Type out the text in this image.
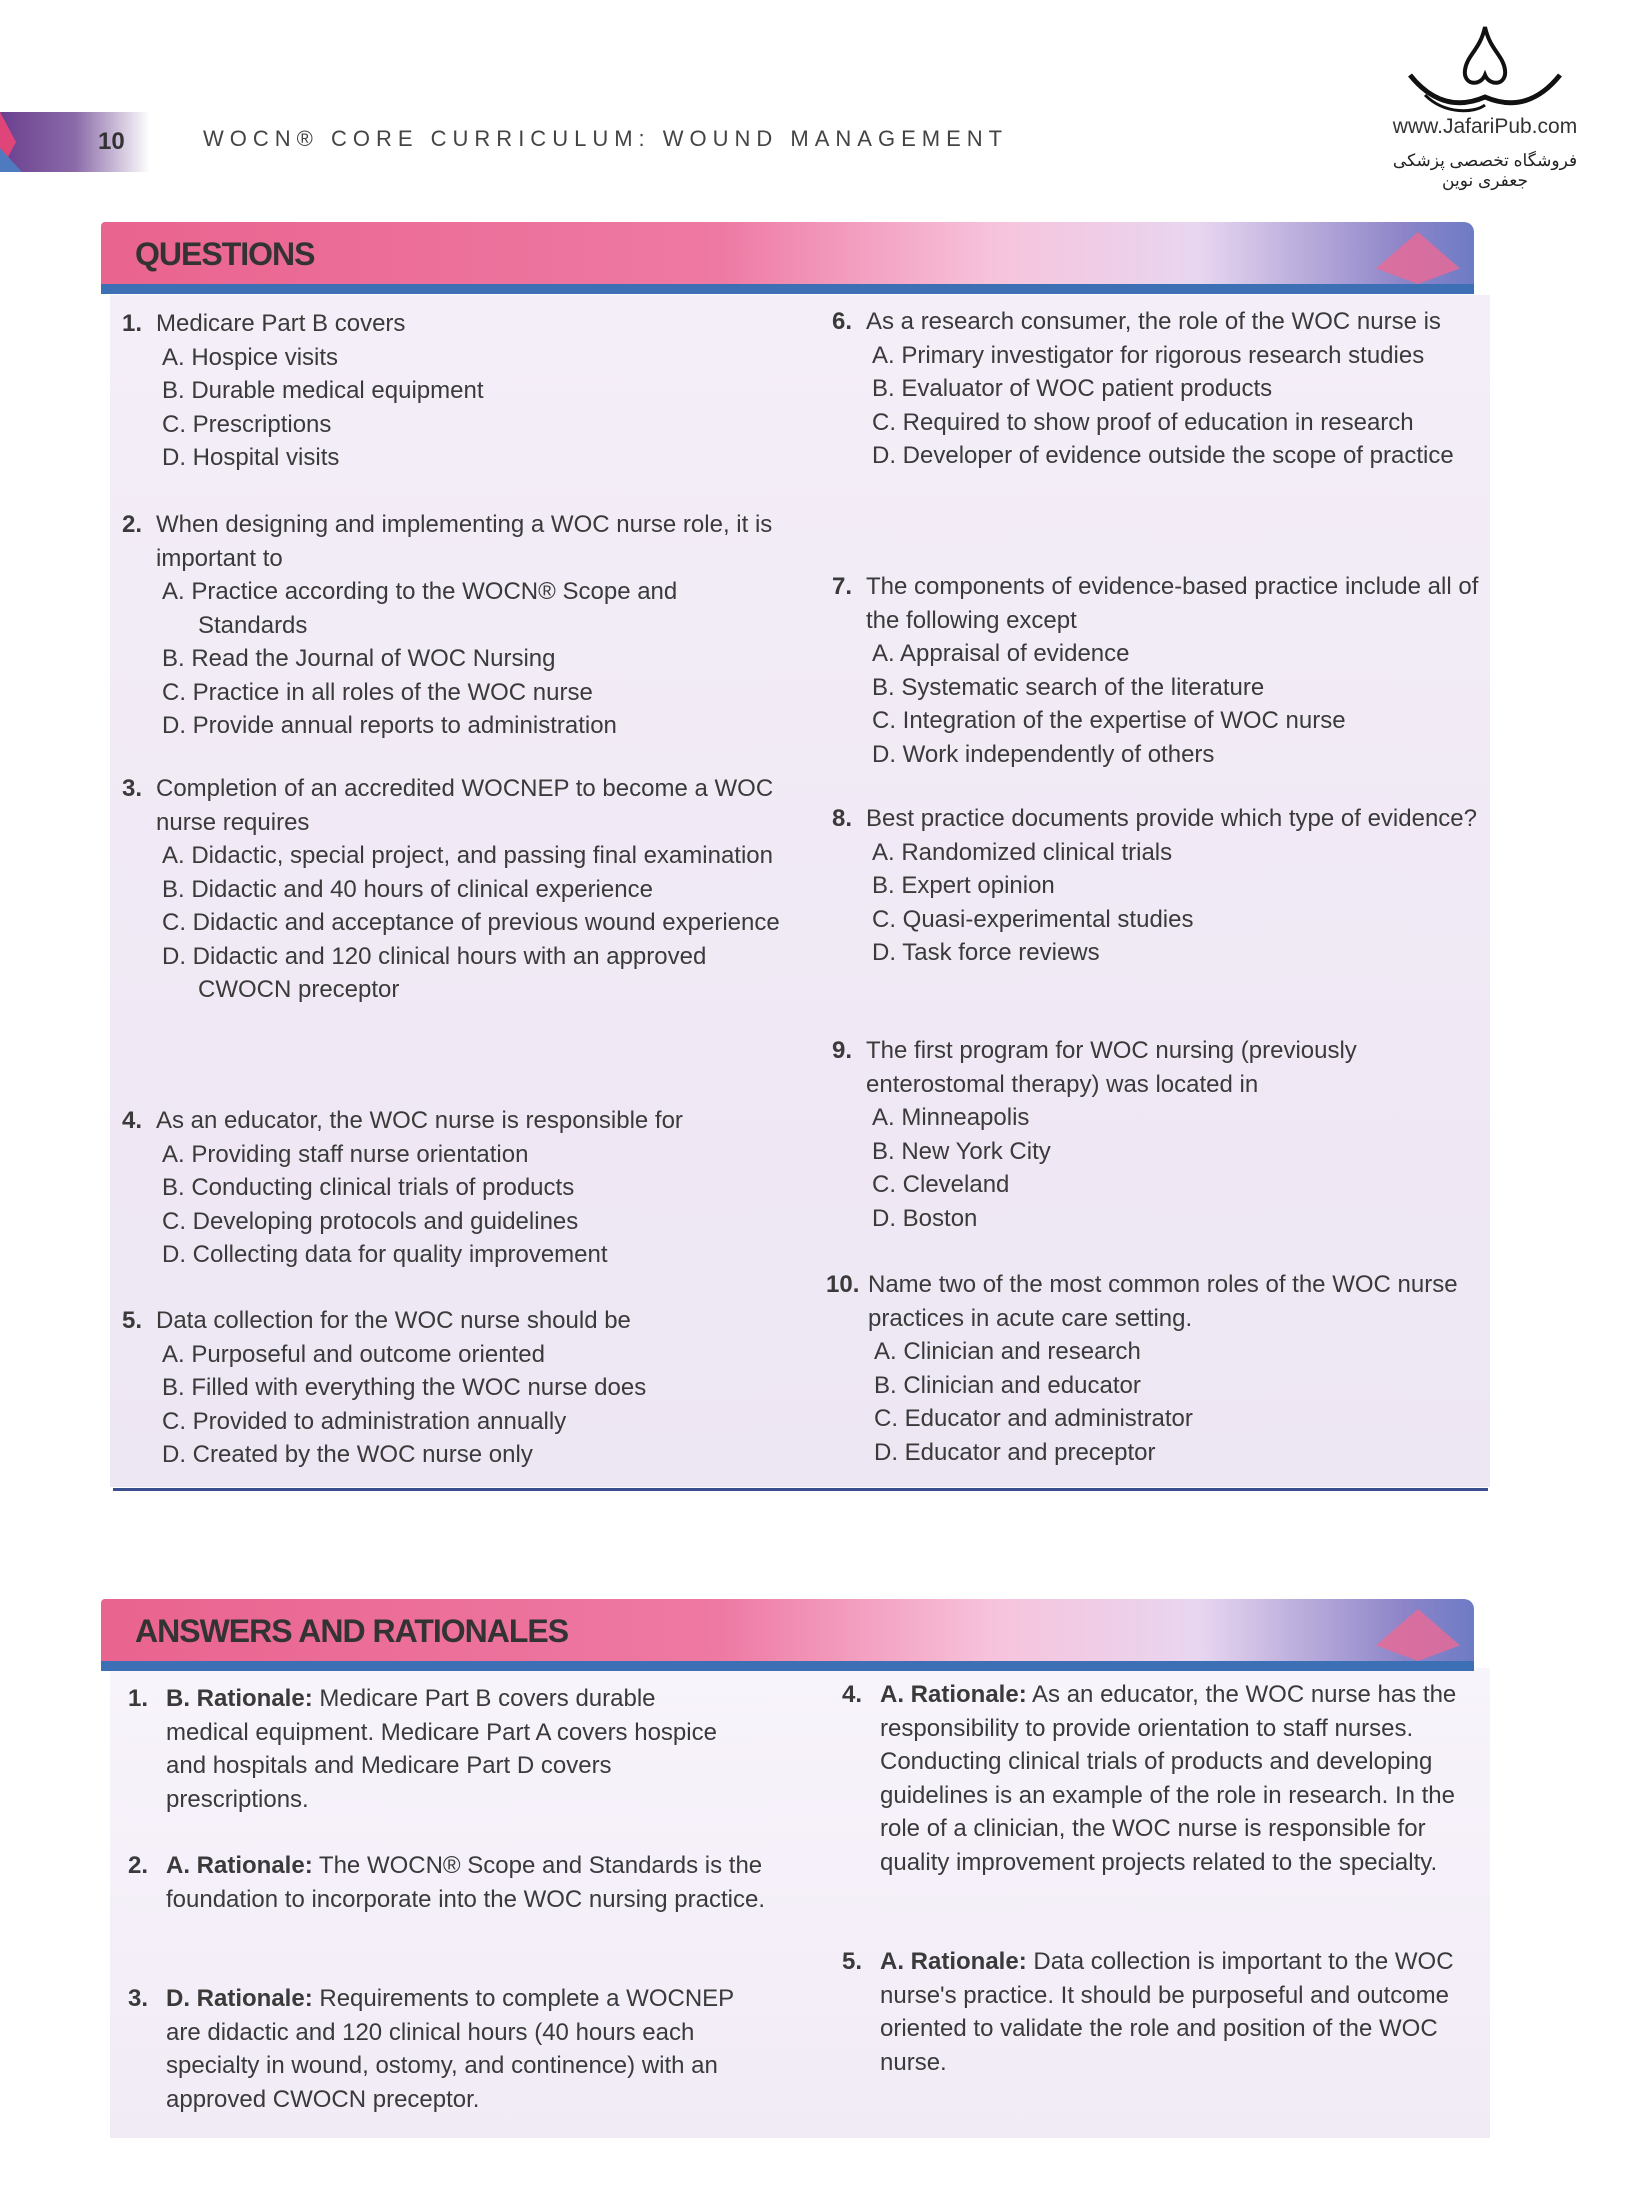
10	WOCN® CORE CURRICULUM: WOUND MANAGEMENT	www.JafariPub.com
فروشگاه تخصصی پزشکی جعفری نوین
QUESTIONS
1. Medicare Part B covers
A. Hospice visits
B. Durable medical equipment
C. Prescriptions
D. Hospital visits
2. When designing and implementing a WOC nurse role, it is important to
A. Practice according to the WOCN® Scope and Standards
B. Read the Journal of WOC Nursing
C. Practice in all roles of the WOC nurse
D. Provide annual reports to administration
3. Completion of an accredited WOCNEP to become a WOC nurse requires
A. Didactic, special project, and passing final examination
B. Didactic and 40 hours of clinical experience
C. Didactic and acceptance of previous wound experience
D. Didactic and 120 clinical hours with an approved CWOCN preceptor
4. As an educator, the WOC nurse is responsible for
A. Providing staff nurse orientation
B. Conducting clinical trials of products
C. Developing protocols and guidelines
D. Collecting data for quality improvement
5. Data collection for the WOC nurse should be
A. Purposeful and outcome oriented
B. Filled with everything the WOC nurse does
C. Provided to administration annually
D. Created by the WOC nurse only
6. As a research consumer, the role of the WOC nurse is
A. Primary investigator for rigorous research studies
B. Evaluator of WOC patient products
C. Required to show proof of education in research
D. Developer of evidence outside the scope of practice
7. The components of evidence-based practice include all of the following except
A. Appraisal of evidence
B. Systematic search of the literature
C. Integration of the expertise of WOC nurse
D. Work independently of others
8. Best practice documents provide which type of evidence?
A. Randomized clinical trials
B. Expert opinion
C. Quasi-experimental studies
D. Task force reviews
9. The first program for WOC nursing (previously enterostomal therapy) was located in
A. Minneapolis
B. New York City
C. Cleveland
D. Boston
10. Name two of the most common roles of the WOC nurse practices in acute care setting.
A. Clinician and research
B. Clinician and educator
C. Educator and administrator
D. Educator and preceptor
ANSWERS AND RATIONALES
1. B. Rationale: Medicare Part B covers durable medical equipment. Medicare Part A covers hospice and hospitals and Medicare Part D covers prescriptions.
2. A. Rationale: The WOCN® Scope and Standards is the foundation to incorporate into the WOC nursing practice.
3. D. Rationale: Requirements to complete a WOCNEP are didactic and 120 clinical hours (40 hours each specialty in wound, ostomy, and continence) with an approved CWOCN preceptor.
4. A. Rationale: As an educator, the WOC nurse has the responsibility to provide orientation to staff nurses. Conducting clinical trials of products and developing guidelines is an example of the role in research. In the role of a clinician, the WOC nurse is responsible for quality improvement projects related to the specialty.
5. A. Rationale: Data collection is important to the WOC nurse's practice. It should be purposeful and outcome oriented to validate the role and position of the WOC nurse.
